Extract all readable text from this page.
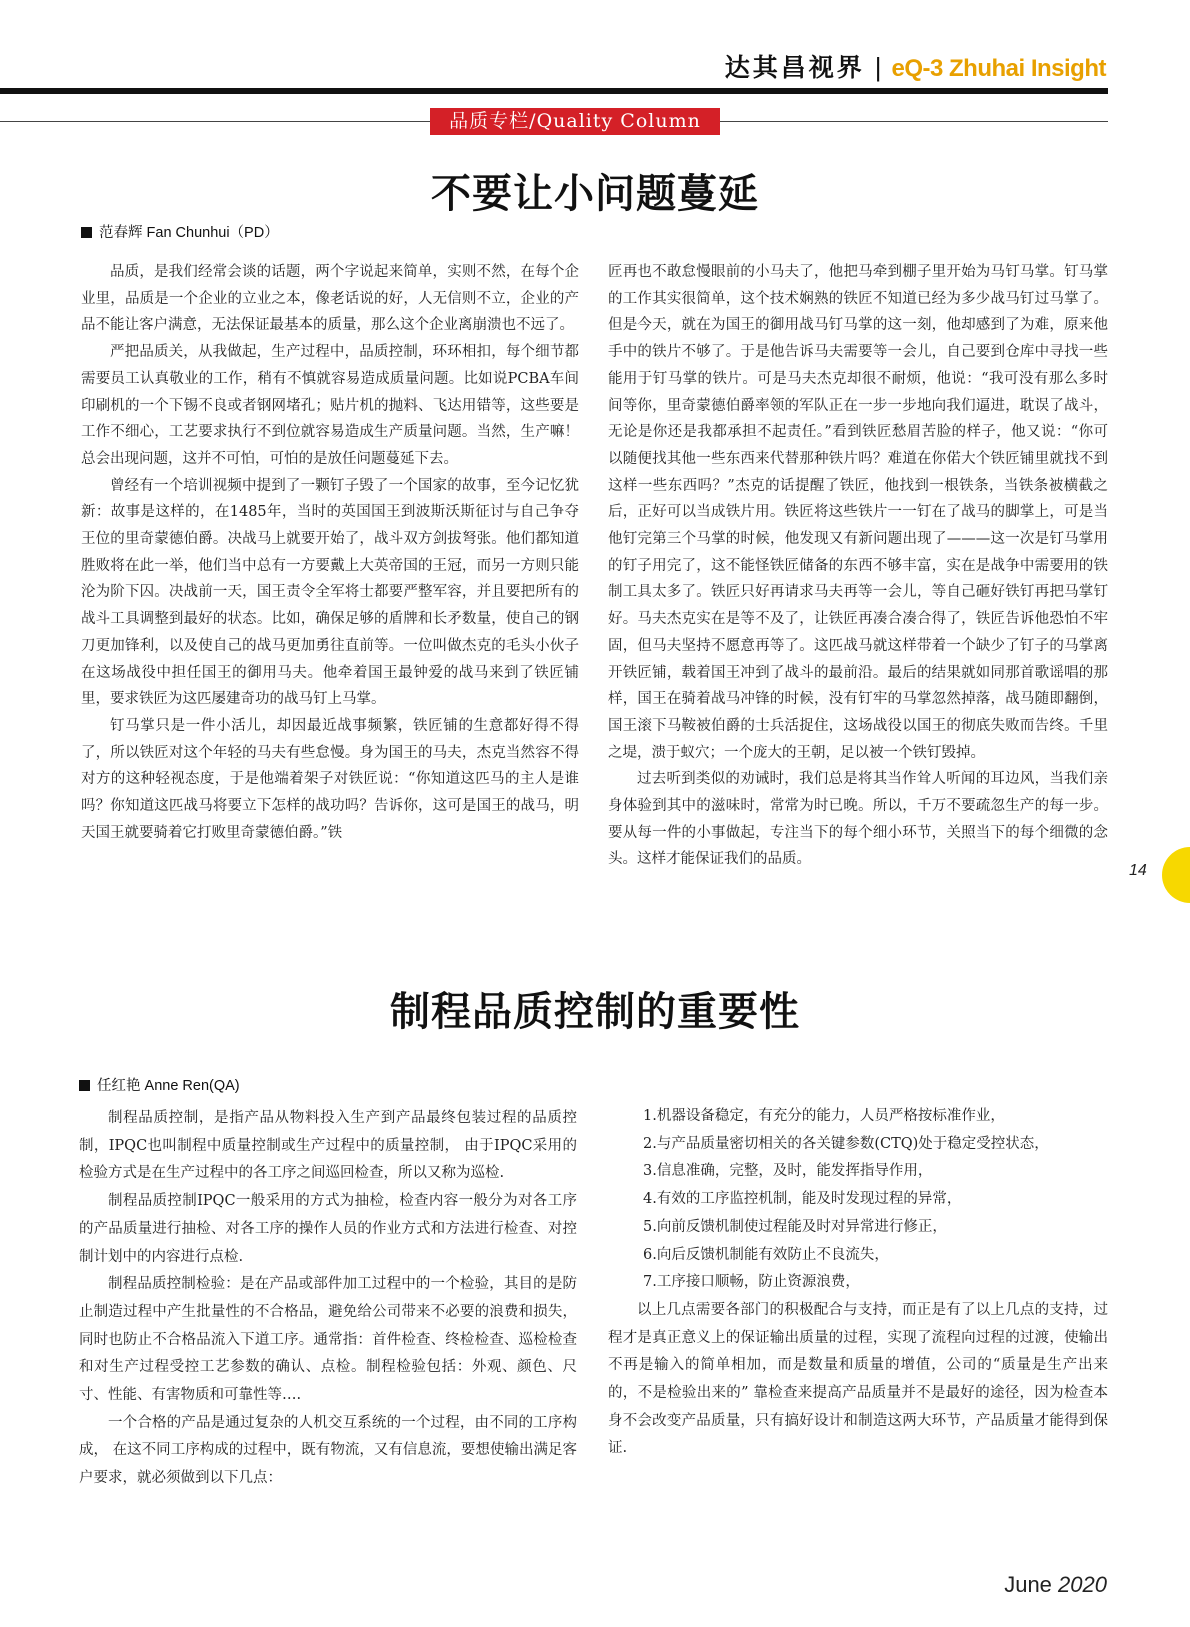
达其昌视界 | eQ-3 Zhuhai Insight
品质专栏/Quality Column
不要让小问题蔓延
范春辉 Fan Chunhui（PD）

品质，是我们经常会谈的话题，两个字说起来简单，实则不然，在每个企业里，品质是一个企业的立业之本，像老话说的好，人无信则不立，企业的产品不能让客户满意，无法保证最基本的质量，那么这个企业离崩溃也不远了。

严把品质关，从我做起，生产过程中，品质控制，环环相扣，每个细节都需要员工认真敬业的工作，稍有不慎就容易造成质量问题。比如说PCBA车间印刷机的一个下锡不良或者钢网堵孔；贴片机的抛料、飞达用错等，这些要是工作不细心，工艺要求执行不到位就容易造成生产质量问题。当然，生产嘛！总会出现问题，这并不可怕，可怕的是放任问题蔓延下去。

曾经有一个培训视频中提到了一颗钉子毁了一个国家的故事，至今记忆犹新：故事是这样的，在1485年，当时的英国国王到波斯沃斯征讨与自己争夺王位的里奇蒙德伯爵。决战马上就要开始了，战斗双方剑拔弩张。他们都知道胜败将在此一举，他们当中总有一方要戴上大英帝国的王冠，而另一方则只能沦为阶下囚。决战前一天，国王责令全军将士都要严整军容，并且要把所有的战斗工具调整到最好的状态。比如，确保足够的盾牌和长矛数量，使自己的钢刀更加锋利，以及使自己的战马更加勇往直前等。一位叫做杰克的毛头小伙子在这场战役中担任国王的御用马夫。他牵着国王最钟爱的战马来到了铁匠铺里，要求铁匠为这匹屡建奇功的战马钉上马掌。

钉马掌只是一件小活儿，却因最近战事频繁，铁匠铺的生意都好得不得了，所以铁匠对这个年轻的马夫有些怠慢。身为国王的马夫，杰克当然容不得对方的这种轻视态度，于是他端着架子对铁匠说：“你知道这匹马的主人是谁吗？你知道这匹战马将要立下怎样的战功吗？告诉你，这可是国王的战马，明天国王就要骑着它打败里奇蒙德伯爵。”铁

匠再也不敢怠慢眼前的小马夫了，他把马牵到棚子里开始为马钉马掌。钉马掌的工作其实很简单，这个技术娴熟的铁匠不知道已经为多少战马钉过马掌了。但是今天，就在为国王的御用战马钉马掌的这一刻，他却感到了为难，原来他手中的铁片不够了。于是他告诉马夫需要等一会儿，自己要到仓库中寻找一些能用于钉马掌的铁片。可是马夫杰克却很不耐烦，他说：“我可没有那么多时间等你，里奇蒙德伯爵率领的军队正在一步一步地向我们逼进，耽误了战斗，无论是你还是我都承担不起责任。”看到铁匠愁眉苦脸的样子，他又说：“你可以随便找其他一些东西来代替那种铁片吗？难道在你偌大个铁匠铺里就找不到这样一些东西吗？”杰克的话提醒了铁匠，他找到一根铁条，当铁条被横截之后，正好可以当成铁片用。铁匠将这些铁片一一钉在了战马的脚掌上，可是当他钉完第三个马掌的时候，他发现又有新问题出现了———这一次是钉马掌用的钉子用完了，这不能怪铁匠储备的东西不够丰富，实在是战争中需要用的铁制工具太多了。铁匠只好再请求马夫再等一会儿，等自己砸好铁钉再把马掌钉好。马夫杰克实在是等不及了，让铁匠再凑合凑合得了，铁匠告诉他恐怕不牢固，但马夫坚持不愿意再等了。这匹战马就这样带着一个缺少了钉子的马掌离开铁匠铺，载着国王冲到了战斗的最前沿。最后的结果就如同那首歌谣唱的那样，国王在骑着战马冲锋的时候，没有钉牢的马掌忽然掉落，战马随即翻倒，国王滚下马鞍被伯爵的士兵活捉住，这场战役以国王的彻底失败而告终。千里之堤，溃于蚁穴；一个庞大的王朝，足以被一个铁钉毁掉。

过去听到类似的劝诫时，我们总是将其当作耸人听闻的耳边风，当我们亲身体验到其中的滋味时，常常为时已晚。所以，千万不要疏忽生产的每一步。要从每一件的小事做起，专注当下的每个细小环节，关照当下的每个细微的念头。这样才能保证我们的品质。

14
制程品质控制的重要性
任红艳 Anne Ren(QA)

制程品质控制，是指产品从物料投入生产到产品最终包装过程的品质控制，IPQC也叫制程中质量控制或生产过程中的质量控制， 由于IPQC采用的检验方式是在生产过程中的各工序之间巡回检查，所以又称为巡检.

制程品质控制IPQC一般采用的方式为抽检，检查内容一般分为对各工序的产品质量进行抽检、对各工序的操作人员的作业方式和方法进行检查、对控制计划中的内容进行点检.

制程品质控制检验：是在产品或部件加工过程中的一个检验，其目的是防止制造过程中产生批量性的不合格品，避免给公司带来不必要的浪费和损失，同时也防止不合格品流入下道工序。通常指：首件检查、终检检查、巡检检查和对生产过程受控工艺参数的确认、点检。制程检验包括：外观、颜色、尺寸、性能、有害物质和可靠性等….

一个合格的产品是通过复杂的人机交互系统的一个过程，由不同的工序构成， 在这不同工序构成的过程中，既有物流，又有信息流，要想使输出满足客户要求，就必须做到以下几点：

1.机器设备稳定，有充分的能力，人员严格按标准作业，
2.与产品质量密切相关的各关键参数(CTQ)处于稳定受控状态，
3.信息准确，完整，及时，能发挥指导作用，
4.有效的工序监控机制，能及时发现过程的异常，
5.向前反馈机制使过程能及时对异常进行修正，
6.向后反馈机制能有效防止不良流失，
7.工序接口顺畅，防止资源浪费，

以上几点需要各部门的积极配合与支持，而正是有了以上几点的支持，过程才是真正意义上的保证输出质量的过程，实现了流程向过程的过渡，使输出不再是输入的简单相加，而是数量和质量的增值，公司的“质量是生产出来的，不是检验出来的” 靠检查来提高产品质量并不是最好的途径，因为检查本身不会改变产品质量，只有搞好设计和制造这两大环节，产品质量才能得到保证.

June 2020
